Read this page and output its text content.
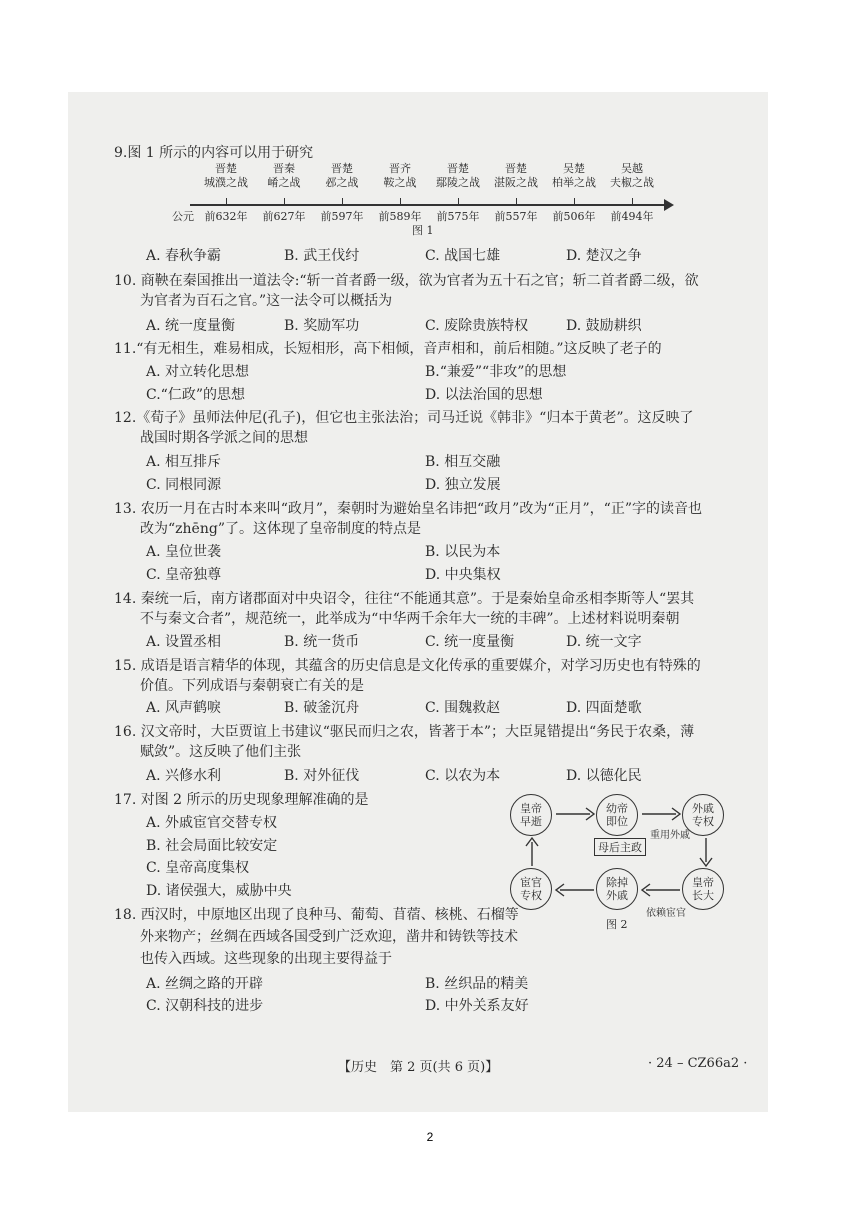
9.图 1 所示的内容可以用于研究
公元
晋楚
城濮之战
前632年
晋秦
崤之战
前627年
晋楚
邲之战
前597年
晋齐
鞍之战
前589年
晋楚
鄢陵之战
前575年
晋楚
湛阪之战
前557年
吴楚
柏举之战
前506年
吴越
夫椒之战
前494年
图 1
A. 春秋争霸	B. 武王伐纣	C. 战国七雄	D. 楚汉之争
10. 商鞅在秦国推出一道法令:“斩一首者爵一级，欲为官者为五十石之官；斩二首者爵二级，欲为官者为百石之官。”这一法令可以概括为
A. 统一度量衡	B. 奖励军功	C. 废除贵族特权	D. 鼓励耕织
11.“有无相生，难易相成，长短相形，高下相倾，音声相和，前后相随。”这反映了老子的
A. 对立转化思想	B.“兼爱”“非攻”的思想
C.“仁政”的思想	D. 以法治国的思想
12.《荀子》虽师法仲尼(孔子)，但它也主张法治；司马迁说《韩非》“归本于黄老”。这反映了战国时期各学派之间的思想
A. 相互排斥	B. 相互交融
C. 同根同源	D. 独立发展
13. 农历一月在古时本来叫“政月”，秦朝时为避始皇名讳把“政月”改为“正月”，“正”字的读音也改为“zhēng”了。这体现了皇帝制度的特点是
A. 皇位世袭	B. 以民为本
C. 皇帝独尊	D. 中央集权
14. 秦统一后，南方诸郡面对中央诏令，往往“不能通其意”。于是秦始皇命丞相李斯等人“罢其不与秦文合者”，规范统一，此举成为“中华两千余年大一统的丰碑”。上述材料说明秦朝
A. 设置丞相	B. 统一货币	C. 统一度量衡	D. 统一文字
15. 成语是语言精华的体现，其蕴含的历史信息是文化传承的重要媒介，对学习历史也有特殊的价值。下列成语与秦朝衰亡有关的是
A. 风声鹤唳	B. 破釜沉舟	C. 围魏救赵	D. 四面楚歌
16. 汉文帝时，大臣贾谊上书建议“驱民而归之农，皆著于本”；大臣晁错提出“务民于农桑，薄赋敛”。这反映了他们主张
A. 兴修水利	B. 对外征伐	C. 以农为本	D. 以德化民
17. 对图 2 所示的历史现象理解准确的是
A. 外戚宦官交替专权
B. 社会局面比较安定
C. 皇帝高度集权
D. 诸侯强大，威胁中央
皇帝
早逝
幼帝
即位
外戚
专权
皇帝
长大
除掉
外戚
宦官
专权
母后主政
重用外戚
依赖宦官
图 2
18. 西汉时，中原地区出现了良种马、葡萄、苜蓿、核桃、石榴等外来物产；丝绸在西域各国受到广泛欢迎，凿井和铸铁等技术也传入西域。这些现象的出现主要得益于
A. 丝绸之路的开辟	B. 丝织品的精美
C. 汉朝科技的进步	D. 中外关系友好
【历史　第 2 页(共 6 页)】	· 24 – CZ66a2 ·
2
